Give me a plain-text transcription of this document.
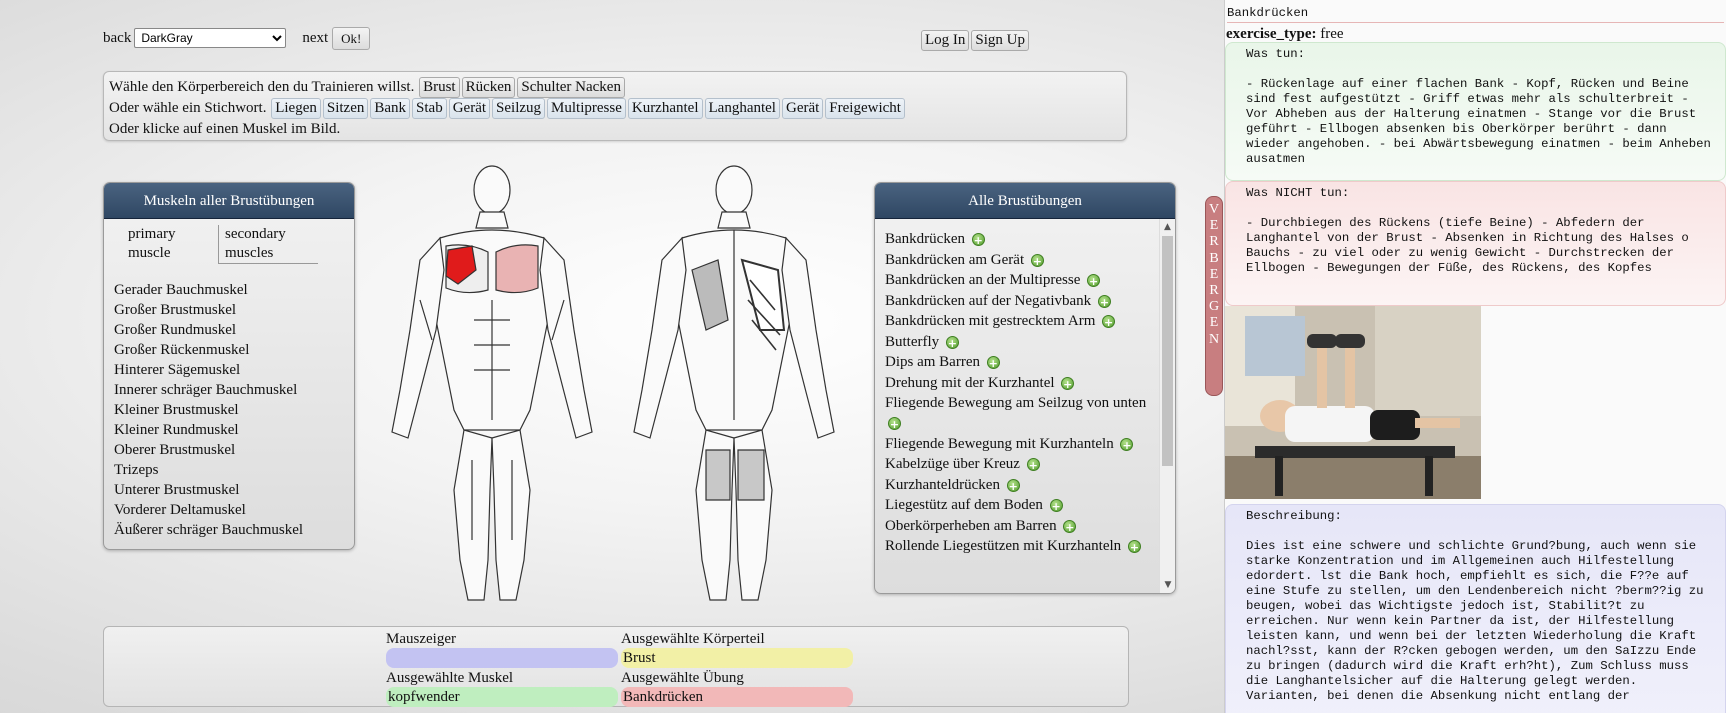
back
DarkGray	next	Ok!	Log In Sign Up
Wähle den Körperbereich den du Trainieren willst. Brust Rücken Schulter Nacken
Oder wähle ein Stichwort. Liegen Sitzen Bank Stab Gerät Seilzug Multipresse Kurzhantel Langhantel Gerät Freigewicht
Oder klicke auf einen Muskel im Bild.
Muskeln aller Brustübungen
primary muscle
secondary muscles
Gerader Bauchmuskel
Großer Brustmuskel
Großer Rundmuskel
Großer Rückenmuskel
Hinterer Sägemuskel
Innerer schräger Bauchmuskel
Kleiner Brustmuskel
Kleiner Rundmuskel
Oberer Brustmuskel
Trizeps
Unterer Brustmuskel
Vorderer Deltamuskel
Äußerer schräger Bauchmuskel
Alle Brustübungen
Bankdrücken +
Bankdrücken am Gerät +
Bankdrücken an der Multipresse +
Bankdrücken auf der Negativbank +
Bankdrücken mit gestrecktem Arm +
Butterfly +
Dips am Barren +
Drehung mit der Kurzhantel +
Fliegende Bewegung am Seilzug von unten +
Fliegende Bewegung mit Kurzhanteln +
Kabelzüge über Kreuz +
Kurzhanteldrücken +
Liegestütz auf dem Boden +
Oberkörperheben am Barren +
Rollende Liegestützen mit Kurzhanteln +
▲
▼
V
E
R
B
E
R
G
E
N
Mauszeiger	Ausgewählte Körperteil
Brust
Ausgewählte Muskel
kopfwender
Ausgewählte Übung
Bankdrücken
Bankdrücken
exercise_type: free
Was tun:

- Rückenlage auf einer flachen Bank - Kopf, Rücken und Beine sind fest aufgestützt - Griff etwas mehr als schulterbreit - Vor Abheben aus der Halterung einatmen - Stange vor die Brust geführt - Ellbogen absenken bis Oberkörper berührt - dann wieder angehoben. - bei Abwärtsbewegung einatmen - beim Anheben ausatmen
Was NICHT tun:

- Durchbiegen des Rückens (tiefe Beine) - Abfedern der Langhantel von der Brust - Absenken in Richtung des Halses o Bauchs - zu viel oder zu wenig Gewicht - Durchstrecken der Ellbogen - Bewegungen der Füße, des Rückens, des Kopfes
Beschreibung:

Dies ist eine schwere und schlichte Grund?bung, auch wenn sie starke Konzentration und im Allgemeinen auch Hilfestellung edordert. lst die Bank hoch, empfiehlt es sich, die F??e auf eine Stufe zu stellen, um den Lendenbereich nicht ?berm??ig zu beugen, wobei das Wichtigste jedoch ist, Stabilit?t zu erreichen. Nur wenn kein Partner da ist, der Hilfestellung leisten kann, und wenn bei der letzten Wiederholung die Kraft nachl?sst, kann der R?cken gebogen werden, um den SaIzzu Ende zu bringen (dadurch wird die Kraft erh?ht), Zum Schluss muss die Langhantelsicher auf die Halterung gelegt werden. Varianten, bei denen die Absenkung nicht entlang der
